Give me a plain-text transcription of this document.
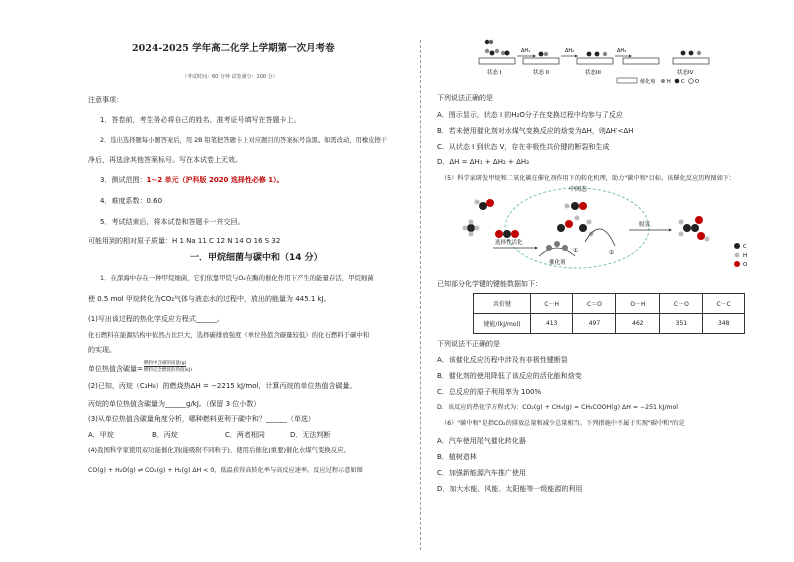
2024-2025 学年高二化学上学期第一次月考卷
（考试时间：60 分钟 试卷满分：100 分）
注意事项：
1．答卷前，考生务必将自己的姓名、准考证号填写在答题卡上。
2．选出选择题每小题答案后，用 2B 铅笔把答题卡上对应题目的答案标号涂黑。如需改动，用橡皮擦干
净后，再选涂其他答案标号。写在本试卷上无效。
3．测试范围：1~2 单元（沪科版 2020 选择性必修 1）。
4．难度系数：0.60
5．考试结束后，将本试卷和答题卡一并交回。
可能用到的相对原子质量：H 1 Na 11 C 12 N 14 O 16 S 32
一．甲烷细菌与碳中和（14 分）
1．在深海中存在一种甲烷细菌，它们依靠甲烷与O₂在酶的催化作用下产生的能量存活，甲烷细菌
使 0.5 mol 甲烷转化为CO₂气体与液态水的过程中，放出的能量为 445.1 kJ。
(1)写出该过程的热化学反应方程式______。
化石燃料在能源结构中依然占比巨大，选择碳排放强度（单位热值含碳量较低）的化石燃料于碳中和
的实现。
单位热值含碳量=
燃料中含碳的质量(g)
燃料完全燃烧的热值(kJ)
(2)已知，丙烷（C₃H₈）的燃烧热ΔH = −2215 kJ/mol，计算丙烷的单位热值含碳量。
丙烷的单位热值含碳量为______g/kJ。（保留 3 位小数）
(3)从单位热值含碳量角度分析，哪种燃料更利于碳中和？______（单选）
A．甲烷	B．丙烷	C．两者相同	D．无法判断
(4)我国科学家使用双功能催化剂(能吸附不同粒子)，使用后催化(重要)催化水煤气变换反应。
CO(g) + H₂O(g) ⇌ CO₂(g) + H₂(g) ΔH < 0，低温获得高转化率与高反应速率。反应过程示意如图
ΔH₁	ΔH₂	ΔH₃
状态 I	状态 II	状态III	状态IV
催化剂 H C O
下列说法正确的是
A．图示显示，状态 I 的H₂O分子在变换过程中均参与了反应
B．若未使用催化剂对水煤气变换反应的焓变为ΔH，则ΔH′<ΔH
C．从状态 I 到状态 V，存在非极性共价键的断裂和生成
D．ΔH = ΔH₁ + ΔH₂ + ΔH₃
（5）科学家研发甲烷和二氧化碳在催化剂作用下的转化机理，助力"碳中和"目标。该催化反应历程图如下：
中间态
选择性活化
催化剂
①	②
脱氢
C
H
O
已知部分化学键的键能数据如下：
共价键	C－H	C＝O	O－H	C－O	C－C
键能/(kJ/mol)	413	497	462	351	348
下列说法不正确的是
A．该催化反应历程中涉及有非极性键断裂
B．催化剂的使用降低了该反应的活化能和焓变
C．总反应的原子利用率为 100%
D．该反应的热化学方程式为：CO₂(g) + CH₄(g) = CH₃COOH(g) ΔH = −251 kJ/mol
（6）"碳中和"是指CO₂的排放总量和减少总量相当。下列措施中不属于实现"碳中和"的是
A．汽车使用尾气催化转化器
B．植树造林
C．加强新能源汽车推广使用
D．加大水能、风能、太阳能等一级能源的利用
